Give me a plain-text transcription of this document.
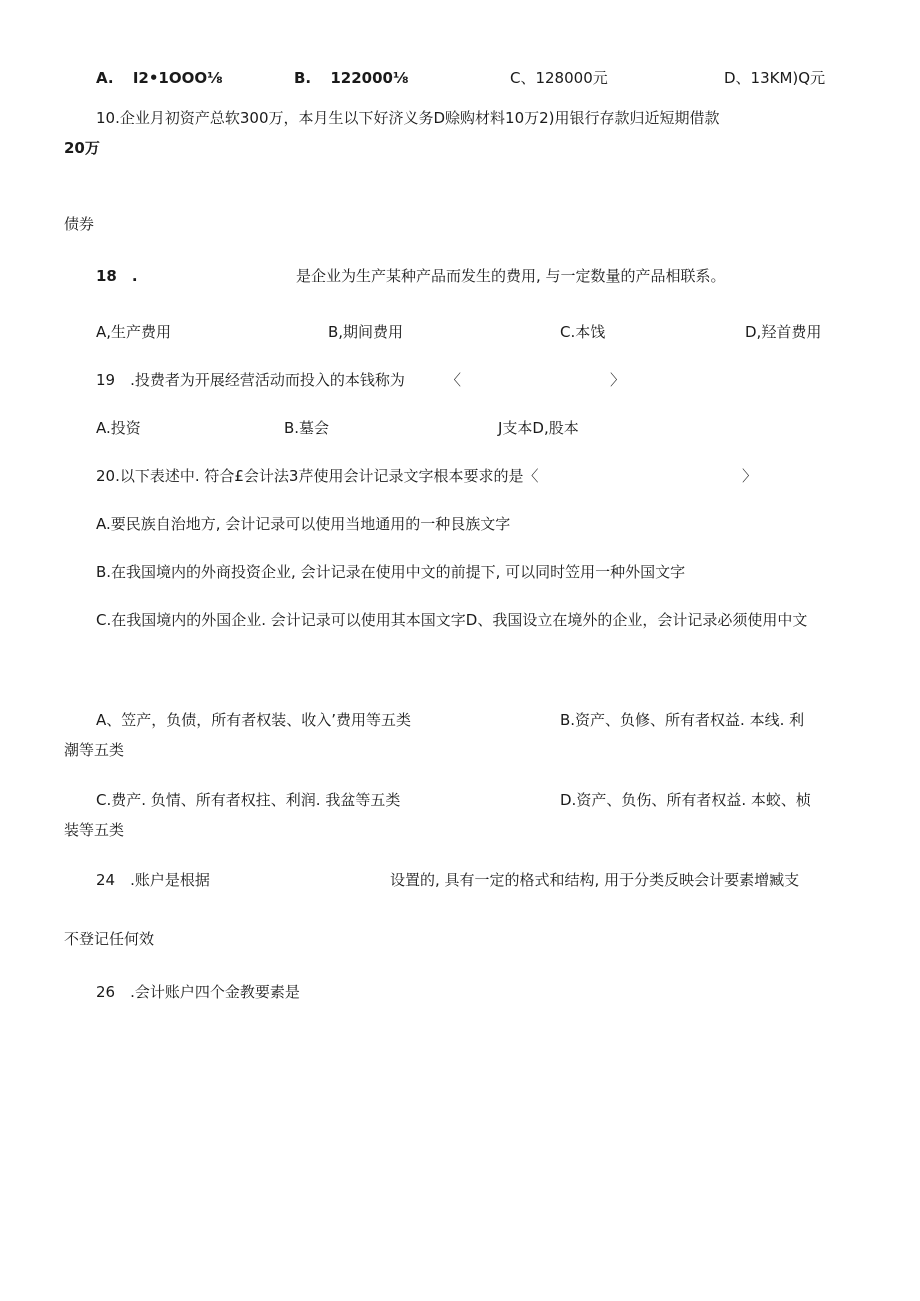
A. I2•1OOO⅛	B. 122000⅛	C、128000元	D、13KM)Q元
10.企业月初资产总软300万，本月生以下好济义务D赊购材料10万2)用银行存款归近短期借款
20万
债券
18　.	是企业为生产某种产品而发生的费用, 与一定数量的产品相联系。
A,生产费用	B,期间费用	C.本饯	D,羟首费用
19　.投费者为开展经营活动而投入的本钱称为	〈	〉
A.投资	B.墓会	J支本D,股本
20.以下表述中. 符合£会计法3芹使用会计记录文字根本要求的是〈	〉
A.要民族自治地方, 会计记录可以使用当地通用的一种艮族文字
B.在我国境内的外商投资企业, 会计记录在使用中文的前提下, 可以同时笠用一种外国文字
C.在我国境内的外国企业. 会计记录可以使用其本国文字D、我国设立在境外的企业，会计记录必须使用中文
A、笠产，负债，所有者权装、收入’费用等五类	B.资产、负修、所有者权益. 本线. 利
潮等五类
C.费产. 负情、所有者权拄、利润. 我盆等五类	D.资产、负伤、所有者权益. 本蛟、桢
装等五类
24　.账户是根据	设置的, 具有一定的格式和结构, 用于分类反映会计要素增臧支
不登记任何效
26　.会计账户四个金教要素是
